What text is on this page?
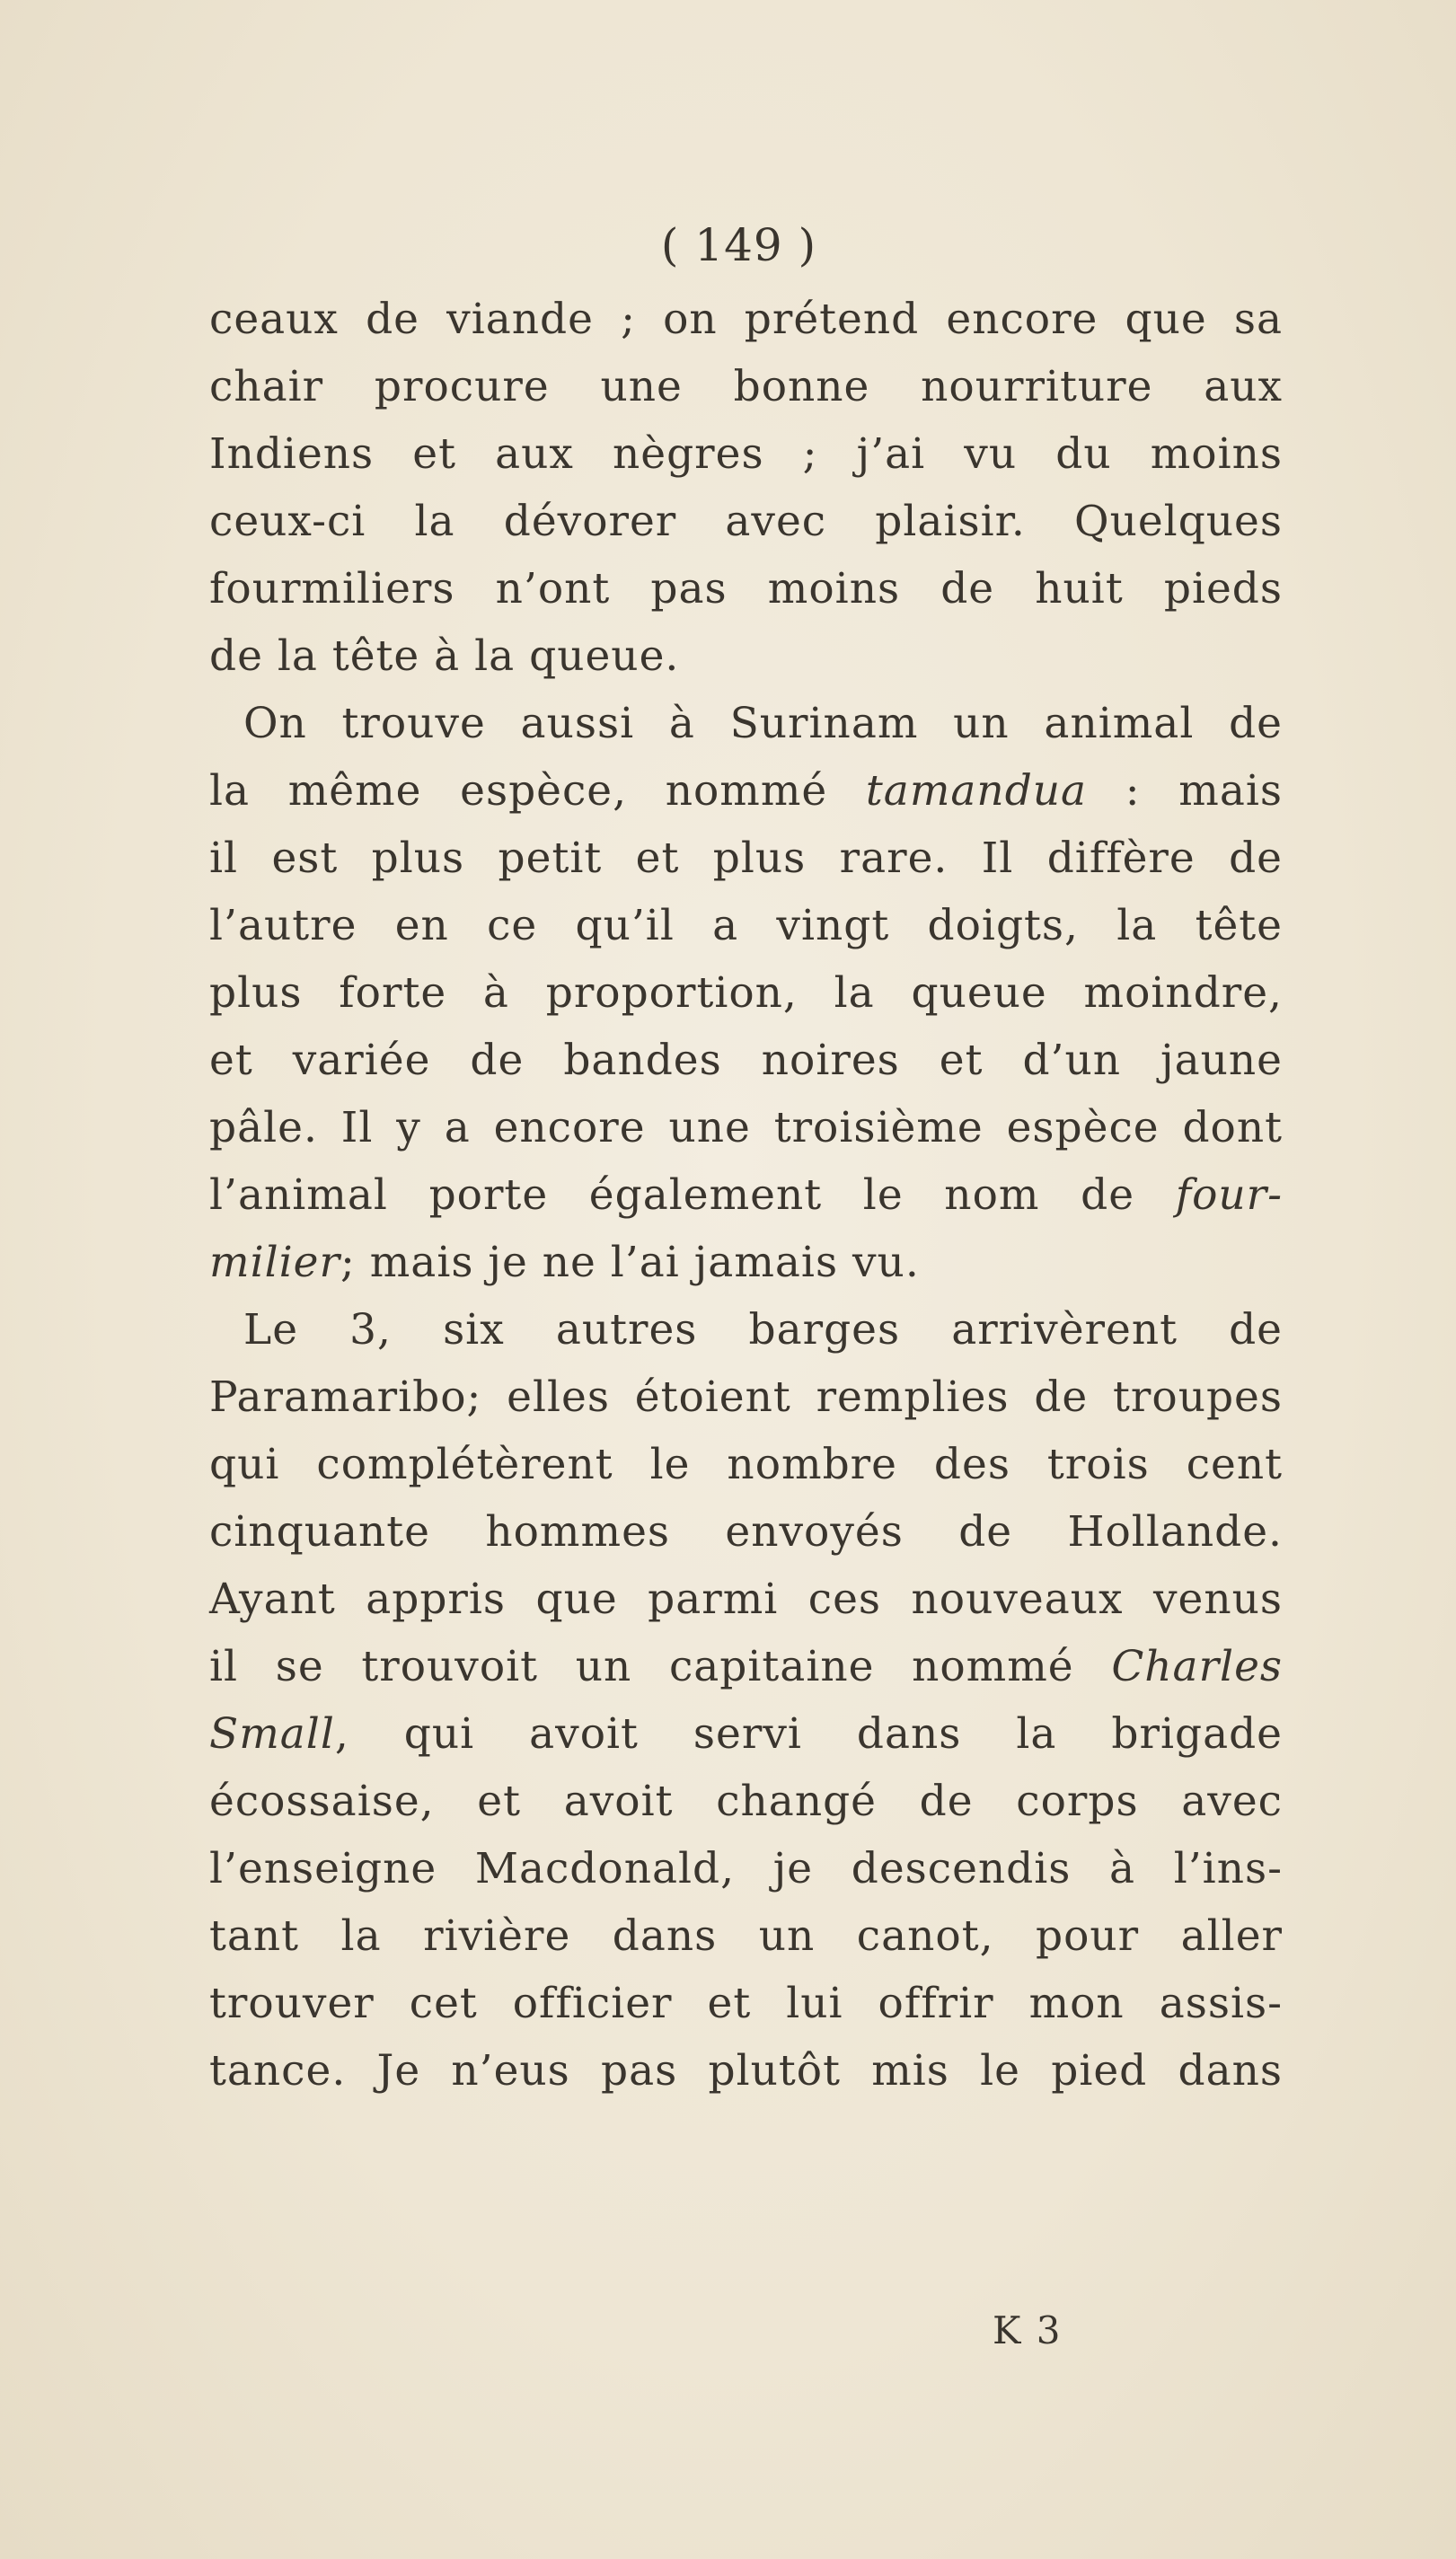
( 149 )
ceaux de viande ; on prétend encore que sa
chair procure une bonne nourriture aux
Indiens et aux nègres ; j’ai vu du moins
ceux-ci la dévorer avec plaisir. Quelques
fourmiliers n’ont pas moins de huit pieds
de la tête à la queue.
On trouve aussi à Surinam un animal de
la même espèce, nommé tamandua : mais
il est plus petit et plus rare. Il diffère de
l’autre en ce qu’il a vingt doigts, la tête
plus forte à proportion, la queue moindre,
et variée de bandes noires et d’un jaune
pâle. Il y a encore une troisième espèce dont
l’animal porte également le nom de four-
milier; mais je ne l’ai jamais vu.
Le 3, six autres barges arrivèrent de
Paramaribo; elles étoient remplies de troupes
qui complétèrent le nombre des trois cent
cinquante hommes envoyés de Hollande.
Ayant appris que parmi ces nouveaux venus
il se trouvoit un capitaine nommé Charles
Small, qui avoit servi dans la brigade
écossaise, et avoit changé de corps avec
l’enseigne Macdonald, je descendis à l’ins-
tant la rivière dans un canot, pour aller
trouver cet officier et lui offrir mon assis-
tance. Je n’eus pas plutôt mis le pied dans
K 3
